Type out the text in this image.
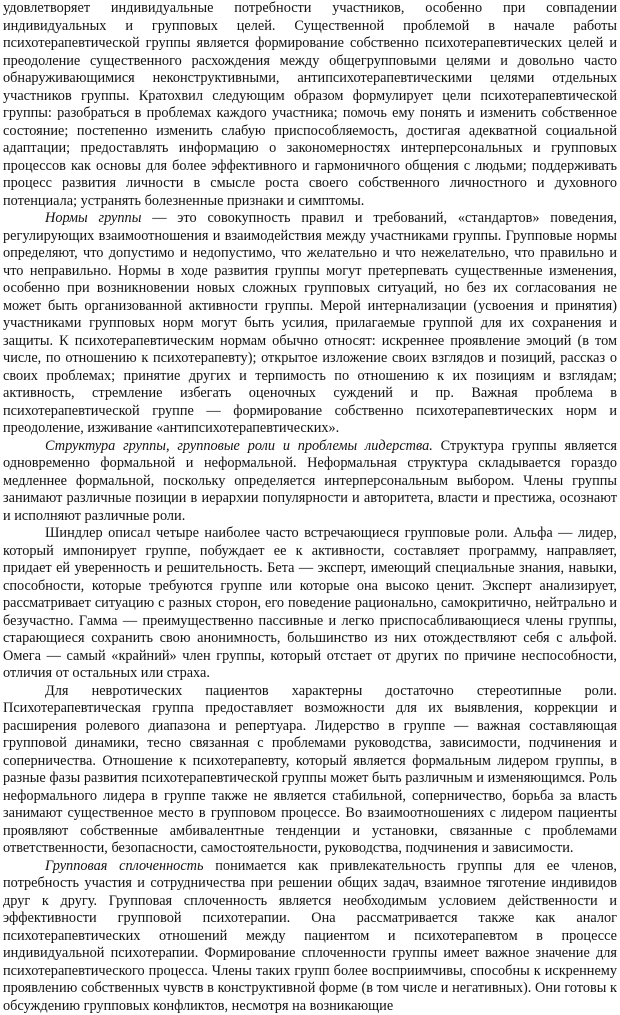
удовлетворяет индивидуальные потребности участников, особенно при совпадении индивидуальных и групповых целей. Существенной проблемой в начале работы психотерапевтической группы является формирование собственно психотерапевтических целей и преодоление существенного расхождения между общегрупповыми целями и довольно часто обнаруживающимися неконструктивными, антипсихотерапевтическими целями отдельных участников группы. Кратохвил следующим образом формулирует цели психотерапевтической группы: разобраться в проблемах каждого участника; помочь ему понять и изменить собственное состояние; постепенно изменить слабую приспособляемость, достигая адекватной социальной адаптации; предоставлять информацию о закономерностях интерперсональных и групповых процессов как основы для более эффективного и гармоничного общения с людьми; поддерживать процесс развития личности в смысле роста своего собственного личностного и духовного потенциала; устранять болезненные признаки и симптомы.

Нормы группы — это совокупность правил и требований, «стандартов» поведения, регулирующих взаимоотношения и взаимодействия между участниками группы. Групповые нормы определяют, что допустимо и недопустимо, что желательно и что нежелательно, что правильно и что неправильно. Нормы в ходе развития группы могут претерпевать существенные изменения, особенно при возникновении новых сложных групповых ситуаций, но без их согласования не может быть организованной активности группы. Мерой интернализации (усвоения и принятия) участниками групповых норм могут быть усилия, прилагаемые группой для их сохранения и защиты. К психотерапевтическим нормам обычно относят: искреннее проявление эмоций (в том числе, по отношению к психотерапевту); открытое изложение своих взглядов и позиций, рассказ о своих проблемах; принятие других и терпимость по отношению к их позициям и взглядам; активность, стремление избегать оценочных суждений и пр. Важная проблема в психотерапевтической группе — формирование собственно психотерапевтических норм и преодоление, изживание «антипсихотерапевтических».

Структура группы, групповые роли и проблемы лидерства. Структура группы является одновременно формальной и неформальной. Неформальная структура складывается гораздо медленнее формальной, поскольку определяется интерперсональным выбором. Члены группы занимают различные позиции в иерархии популярности и авторитета, власти и престижа, осознают и исполняют различные роли.

Шиндлер описал четыре наиболее часто встречающиеся групповые роли. Альфа — лидер, который импонирует группе, побуждает ее к активности, составляет программу, направляет, придает ей уверенность и решительность. Бета — эксперт, имеющий специальные знания, навыки, способности, которые требуются группе или которые она высоко ценит. Эксперт анализирует, рассматривает ситуацию с разных сторон, его поведение рационально, самокритично, нейтрально и безучастно. Гамма — преимущественно пассивные и легко приспосабливающиеся члены группы, старающиеся сохранить свою анонимность, большинство из них отождествляют себя с альфой. Омега — самый «крайний» член группы, который отстает от других по причине неспособности, отличия от остальных или страха.

Для невротических пациентов характерны достаточно стереотипные роли. Психотерапевтическая группа предоставляет возможности для их выявления, коррекции и расширения ролевого диапазона и репертуара. Лидерство в группе — важная составляющая групповой динамики, тесно связанная с проблемами руководства, зависимости, подчинения и соперничества. Отношение к психотерапевту, который является формальным лидером группы, в разные фазы развития психотерапевтической группы может быть различным и изменяющимся. Роль неформального лидера в группе также не является стабильной, соперничество, борьба за власть занимают существенное место в групповом процессе. Во взаимоотношениях с лидером пациенты проявляют собственные амбивалентные тенденции и установки, связанные с проблемами ответственности, безопасности, самостоятельности, руководства, подчинения и зависимости.

Групповая сплоченность понимается как привлекательность группы для ее членов, потребность участия и сотрудничества при решении общих задач, взаимное тяготение индивидов друг к другу. Групповая сплоченность является необходимым условием действенности и эффективности групповой психотерапии. Она рассматривается также как аналог психотерапевтических отношений между пациентом и психотерапевтом в процессе индивидуальной психотерапии. Формирование сплоченности группы имеет важное значение для психотерапевтического процесса. Члены таких групп более восприимчивы, способны к искреннему проявлению собственных чувств в конструктивной форме (в том числе и негативных). Они готовы к обсуждению групповых конфликтов, несмотря на возникающие
